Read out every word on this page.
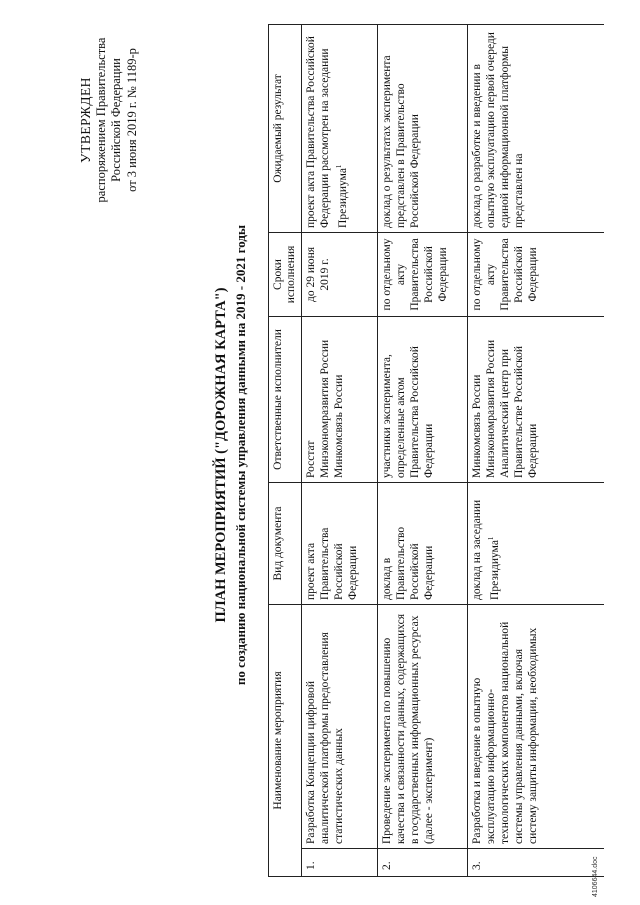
УТВЕРЖДЕН распоряжением Правительства Российской Федерации от 3 июня 2019 г. № 1189-р
ПЛАН МЕРОПРИЯТИЙ ("ДОРОЖНАЯ КАРТА") по созданию национальной системы управления данными на 2019 - 2021 годы
Наименование мероприятия		Вид документа	Ответственные исполнители	Сроки исполнения	Ожидаемый результат
1.	Разработка Концепции цифровой аналитической платформы предоставления статистических данных	проект акта Правительства Российской Федерации	Росстат
Минэкономразвития России
Минкомсвязь России	до 29 июня 2019 г.	проект акта Правительства Российской Федерации рассмотрен на заседании Президиума$^1$
2.	Проведение эксперимента по повышению качества и связанности данных, содержащихся в государственных информационных ресурсах (далее - эксперимент)	доклад в Правительство Российской Федерации	участники эксперимента, определенные актом Правительства Российской Федерации	по отдельному акту Правительства Российской Федерации	доклад о результатах эксперимента представлен в Правительство Российской Федерации
3.	Разработка и введение в опытную эксплуатацию информационно-технологических компонентов национальной системы управления данными, включая систему защиты информации, необходимых	доклад на заседании Президиума$^1$	Минкомсвязь России
Минэкономразвития России
Аналитический центр при Правительстве Российской Федерации	по отдельному акту Правительства Российской Федерации	доклад о разработке и введении в опытную эксплуатацию первой очереди единой информационной платформы представлен на
4106644.doc
